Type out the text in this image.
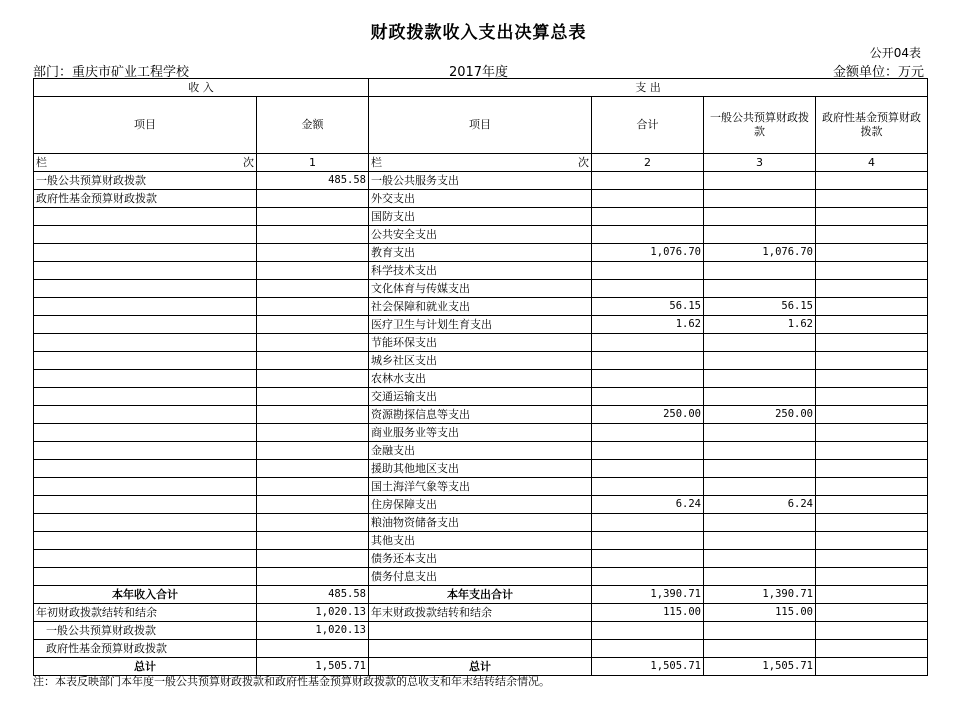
财政拨款收入支出决算总表
公开04表
部门：重庆市矿业工程学校	2017年度	金额单位：万元
收 入		支 出			
项目	金额	项目	合计	一般公共预算财政拨款	政府性基金预算财政拨款

栏 次	1	栏 次	2	3	4
一般公共预算财政拨款	485.58	一般公共服务支出			
政府性基金预算财政拨款		外交支出			
		国防支出			
		公共安全支出			
		教育支出	1,076.70	1,076.70	
		科学技术支出			
		文化体育与传媒支出			
		社会保障和就业支出	56.15	56.15	
		医疗卫生与计划生育支出	1.62	1.62	
		节能环保支出			
		城乡社区支出			
		农林水支出			
		交通运输支出			
		资源勘探信息等支出	250.00	250.00	
		商业服务业等支出			
		金融支出			
		援助其他地区支出			
		国土海洋气象等支出			
		住房保障支出	6.24	6.24	
		粮油物资储备支出			
		其他支出			
		债务还本支出			
		债务付息支出			
本年收入合计	485.58	本年支出合计	1,390.71	1,390.71	
年初财政拨款结转和结余	1,020.13	年末财政拨款结转和结余	115.00	115.00	
一般公共预算财政拨款	1,020.13				
政府性基金预算财政拨款					
总计	1,505.71	总计	1,505.71	1,505.71	
注：本表反映部门本年度一般公共预算财政拨款和政府性基金预算财政拨款的总收支和年末结转结余情况。
